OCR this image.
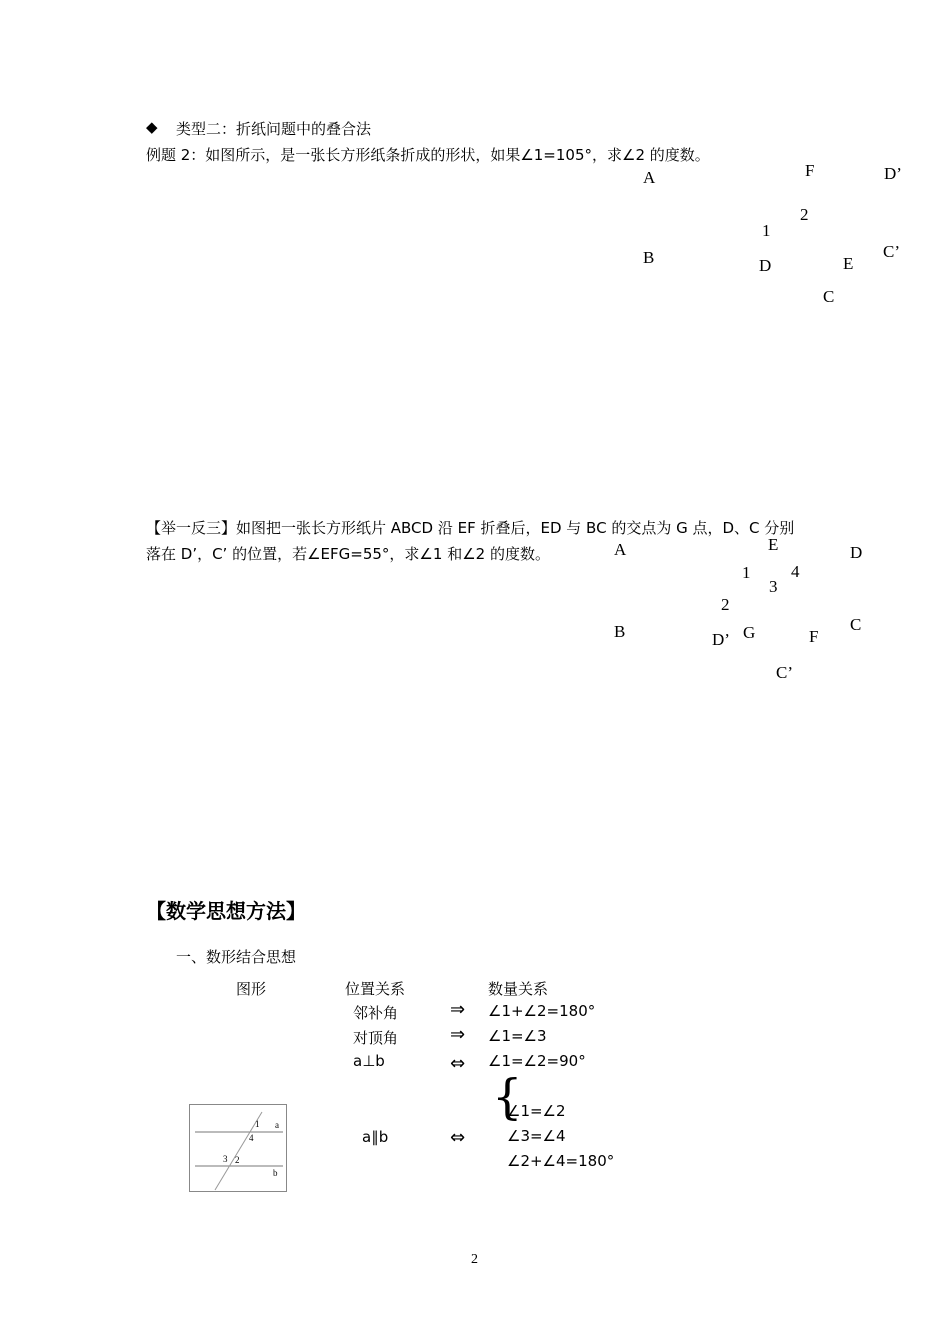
◆ 类型二：折纸问题中的叠合法
例题 2：如图所示，是一张长方形纸条折成的形状，如果∠1=105°，求∠2 的度数。
A	F	D’
2
1
B	D	E
C’
C
【举一反三】如图把一张长方形纸片 ABCD 沿 EF 折叠后，ED 与 BC 的交点为 G 点，D、C 分别
落在 D’，C’ 的位置，若∠EFG=55°，求∠1 和∠2 的度数。	A	E	D
1 4
3
2
B	D’ G	F
C
C’
【数学思想方法】
一、数形结合思想
图形	位置关系	数量关系
邻补角	⇒ ∠1+∠2=180°
对顶角	⇒ ∠1=∠3
a⊥b	⇔ ∠1=∠2=90°
a∥b	⇔
{
∠1=∠2
∠3=∠4
∠2+∠4=180°
1 a
4
3 2
b
2
